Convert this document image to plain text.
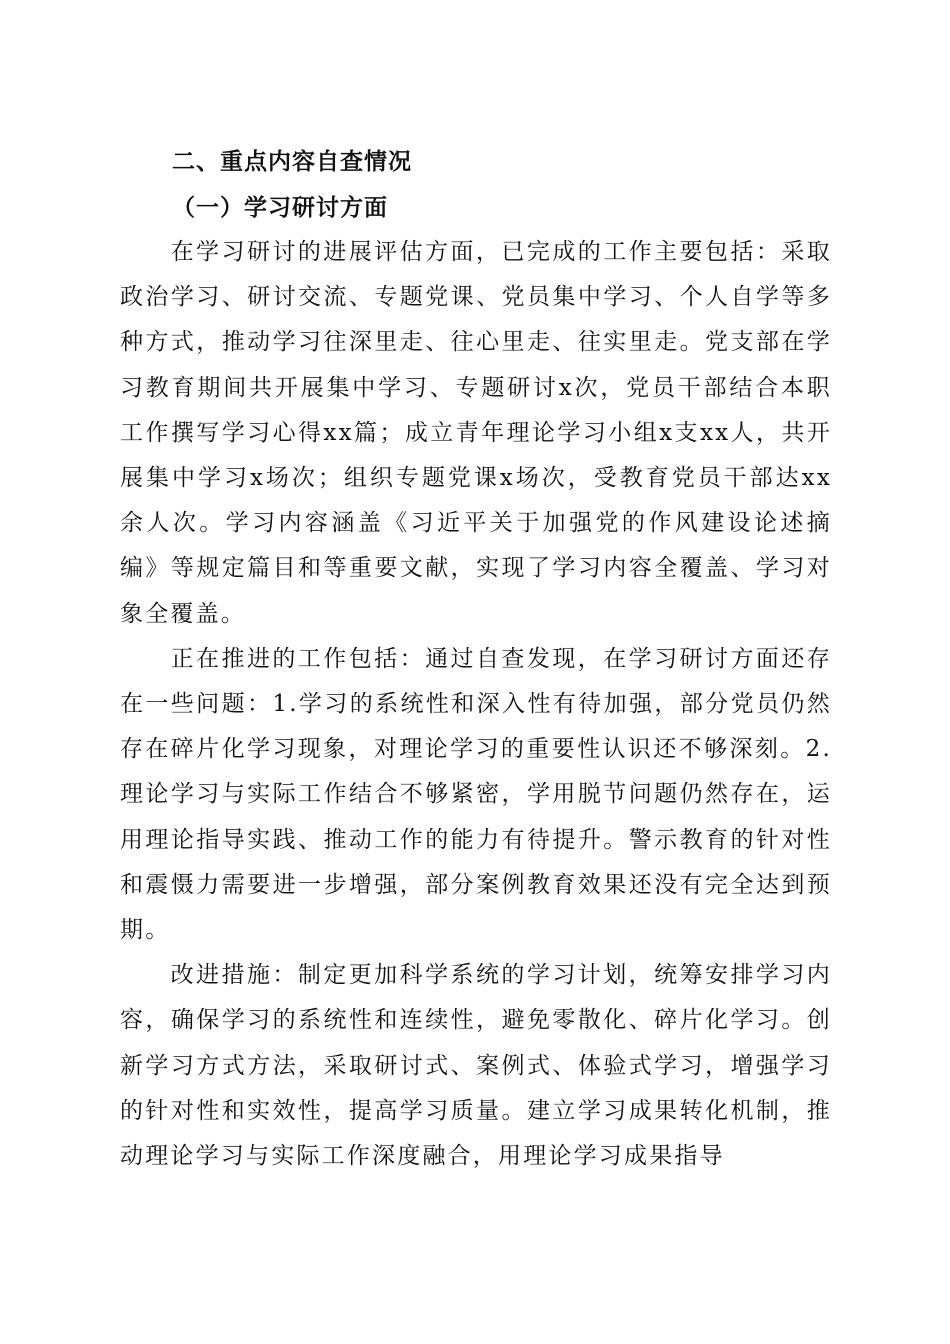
二、重点内容自查情况
（一）学习研讨方面

在学习研讨的进展评估方面，已完成的工作主要包括：采取政治学习、研讨交流、专题党课、党员集中学习、个人自学等多种方式，推动学习往深里走、往心里走、往实里走。党支部在学习教育期间共开展集中学习、专题研讨x次，党员干部结合本职工作撰写学习心得xx篇；成立青年理论学习小组x支xx人，共开展集中学习x场次；组织专题党课x场次，受教育党员干部达xx余人次。学习内容涵盖《习近平关于加强党的作风建设论述摘编》等规定篇目和等重要文献，实现了学习内容全覆盖、学习对象全覆盖。

正在推进的工作包括：通过自查发现，在学习研讨方面还存在一些问题：1.学习的系统性和深入性有待加强，部分党员仍然存在碎片化学习现象，对理论学习的重要性认识还不够深刻。2.理论学习与实际工作结合不够紧密，学用脱节问题仍然存在，运用理论指导实践、推动工作的能力有待提升。警示教育的针对性和震慑力需要进一步增强，部分案例教育效果还没有完全达到预期。

改进措施：制定更加科学系统的学习计划，统筹安排学习内容，确保学习的系统性和连续性，避免零散化、碎片化学习。创新学习方式方法，采取研讨式、案例式、体验式学习，增强学习的针对性和实效性，提高学习质量。建立学习成果转化机制，推动理论学习与实际工作深度融合，用理论学习成果指导
